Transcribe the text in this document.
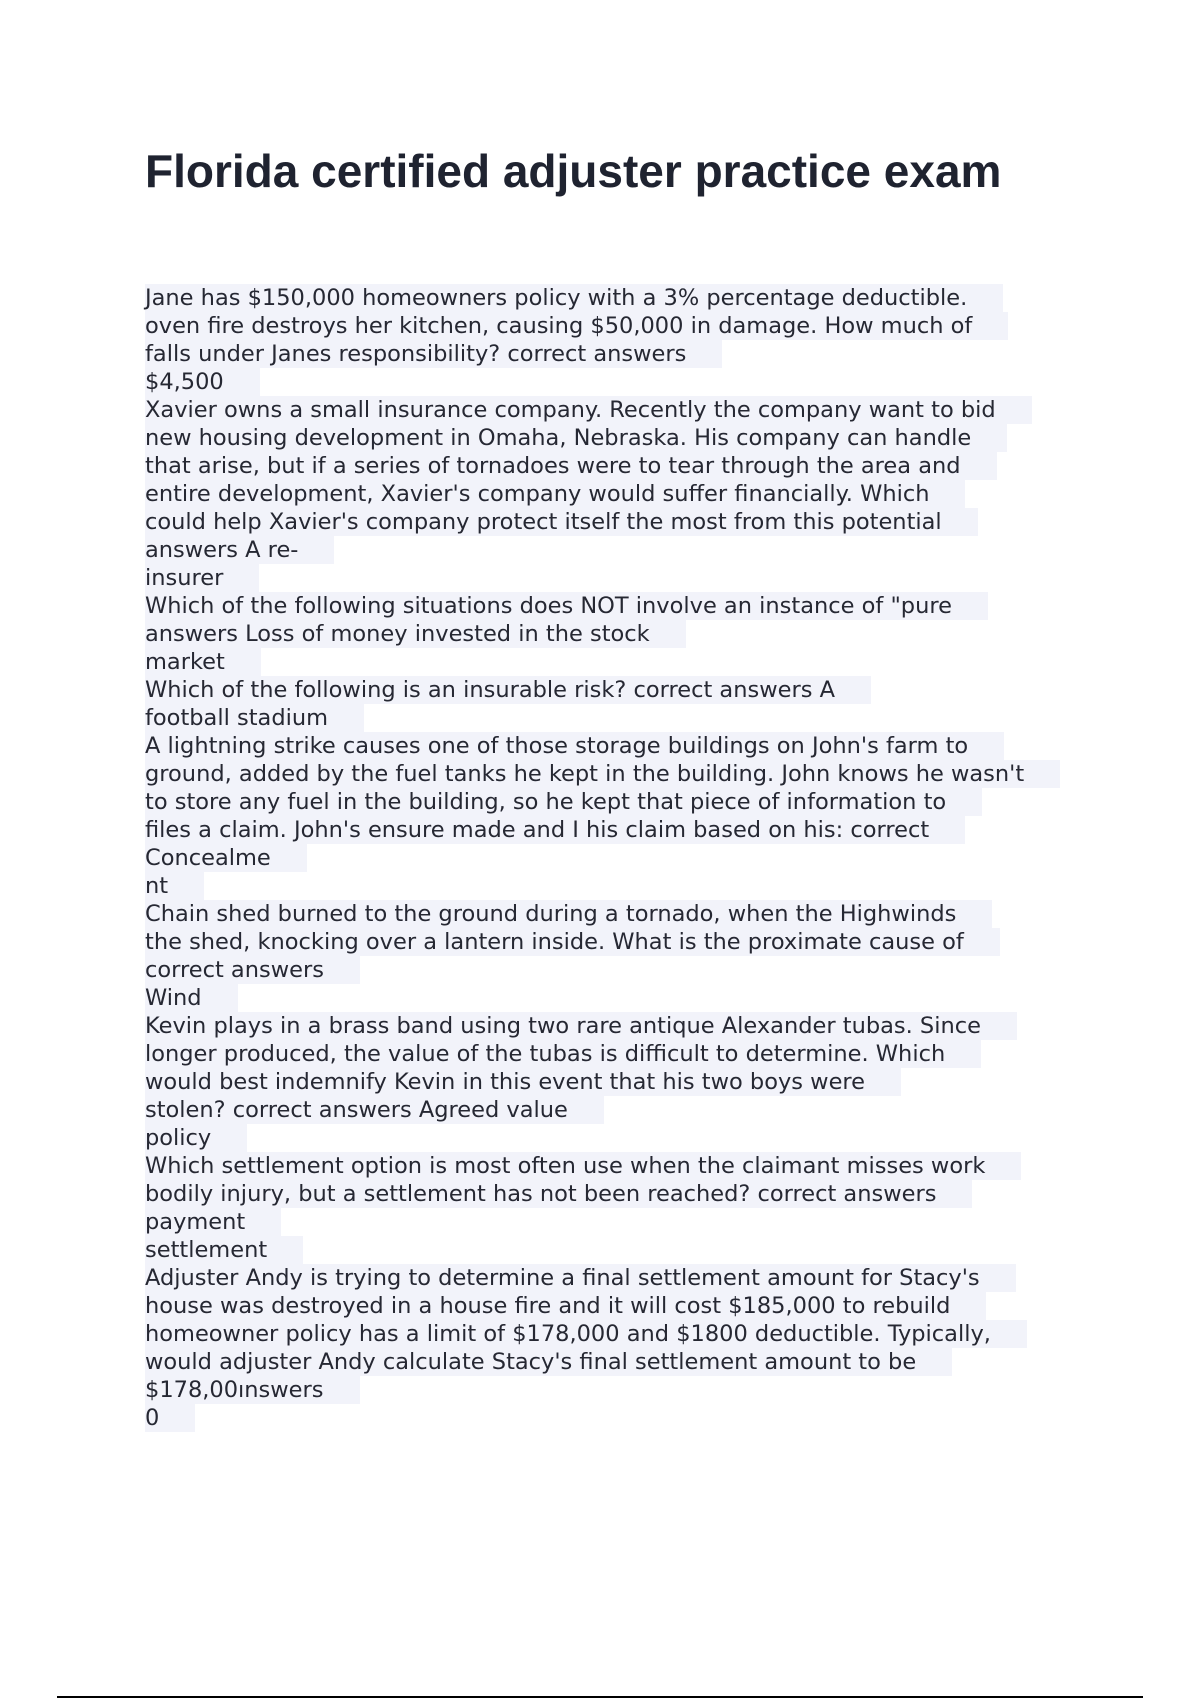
Florida certified adjuster practice exam
Jane has $150,000 homeowners policy with a 3% percentage deductible.
oven fire destroys her kitchen, causing $50,000 in damage. How much of
falls under Janes responsibility? correct answers
$4,500
Xavier owns a small insurance company. Recently the company want to bid
new housing development in Omaha, Nebraska. His company can handle
that arise, but if a series of tornadoes were to tear through the area and
entire development, Xavier's company would suffer financially. Which
could help Xavier's company protect itself the most from this potential
answers A re-
insurer
Which of the following situations does NOT involve an instance of "pure
answers Loss of money invested in the stock
market
Which of the following is an insurable risk? correct answers A
football stadium
A lightning strike causes one of those storage buildings on John's farm to
ground, added by the fuel tanks he kept in the building. John knows he wasn't
to store any fuel in the building, so he kept that piece of information to
files a claim. John's ensure made and I his claim based on his: correct
Concealme
nt
Chain shed burned to the ground during a tornado, when the Highwinds
the shed, knocking over a lantern inside. What is the proximate cause of
correct answers
Wind
Kevin plays in a brass band using two rare antique Alexander tubas. Since
longer produced, the value of the tubas is difficult to determine. Which
would best indemnify Kevin in this event that his two boys were
stolen? correct answers Agreed value
policy
Which settlement option is most often use when the claimant misses work
bodily injury, but a settlement has not been reached? correct answers
payment
settlement
Adjuster Andy is trying to determine a final settlement amount for Stacy's
house was destroyed in a house fire and it will cost $185,000 to rebuild
homeowner policy has a limit of $178,000 and $1800 deductible. Typically,
would adjuster Andy calculate Stacy's final settlement amount to be
$178,00ınswers
0
